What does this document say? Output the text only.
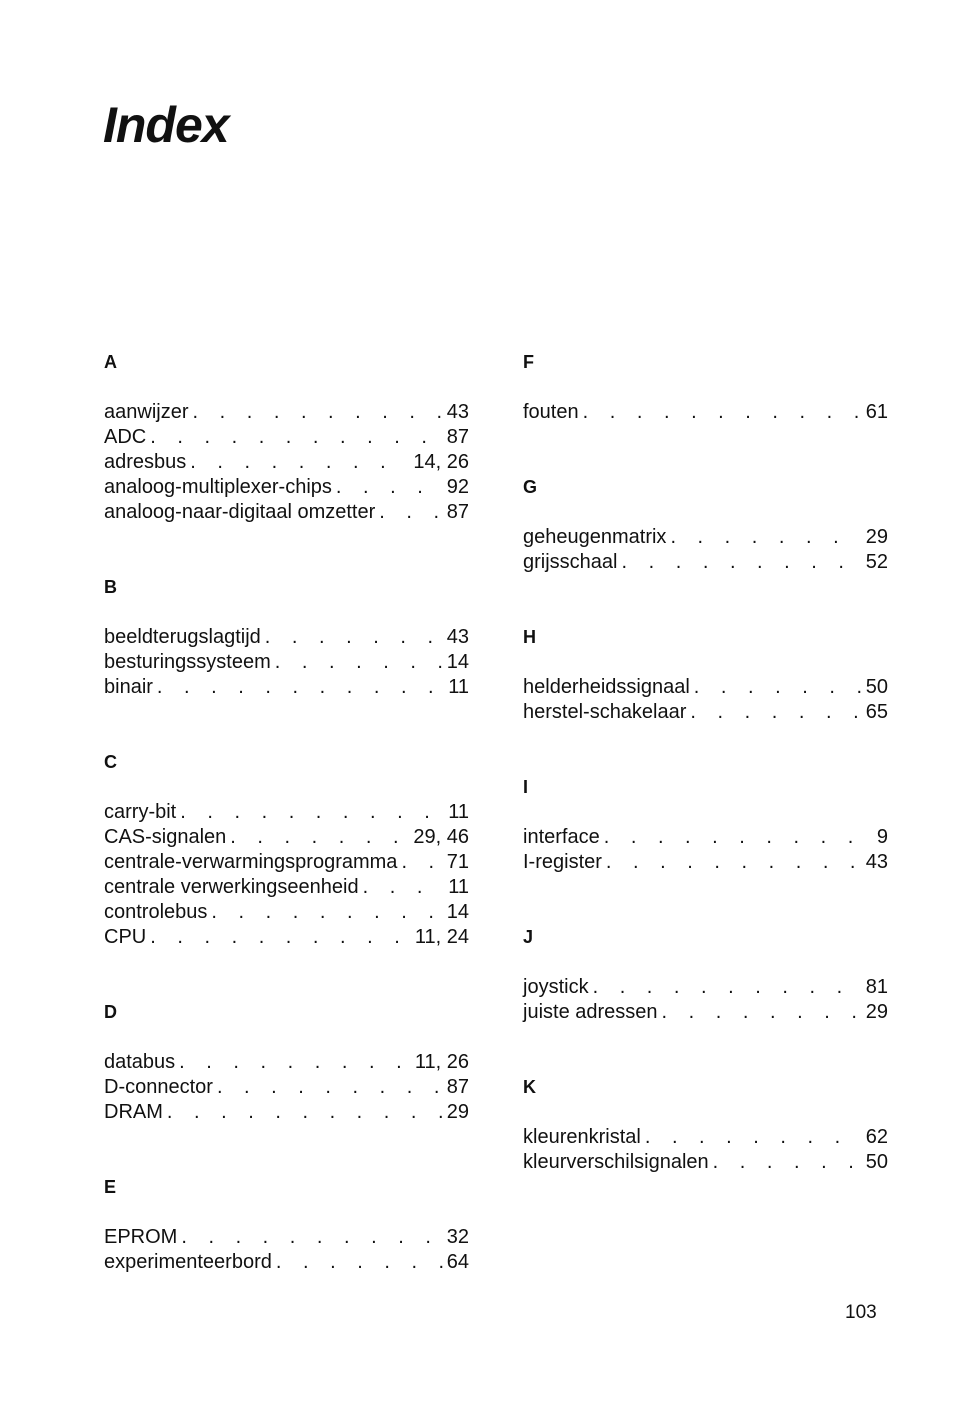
Index
A
aanwijzer . . .	43
ADC . . .	87
adresbus . . .	14, 26
analoog-multiplexer-chips . . .	92
analoog-naar-digitaal omzetter . . .	87
B
beeldterugslagtijd . . .	43
besturingssysteem . . .	14
binair . . .	11
C
carry-bit . . .	11
CAS-signalen . . .	29, 46
centrale-verwarmingsprogramma . . . 71
centrale verwerkingseenheid . . .	11
controlebus . . .	14
CPU . . .	11, 24
D
databus . . .	11, 26
D-connector . . .	87
DRAM . . .	29
E
EPROM . . .	32
experimenteerbord . . .	64
F
fouten . . .	61
G
geheugenmatrix . . .	29
grijsschaal . . .	52
H
helderheidssignaal . . .	50
herstel-schakelaar . . .	65
I
interface . . .	9
I-register . . .	43
J
joystick . . .	81
juiste adressen . . .	29
K
kleurenkristal . . .	62
kleurverschilsignalen . . .	50

103
